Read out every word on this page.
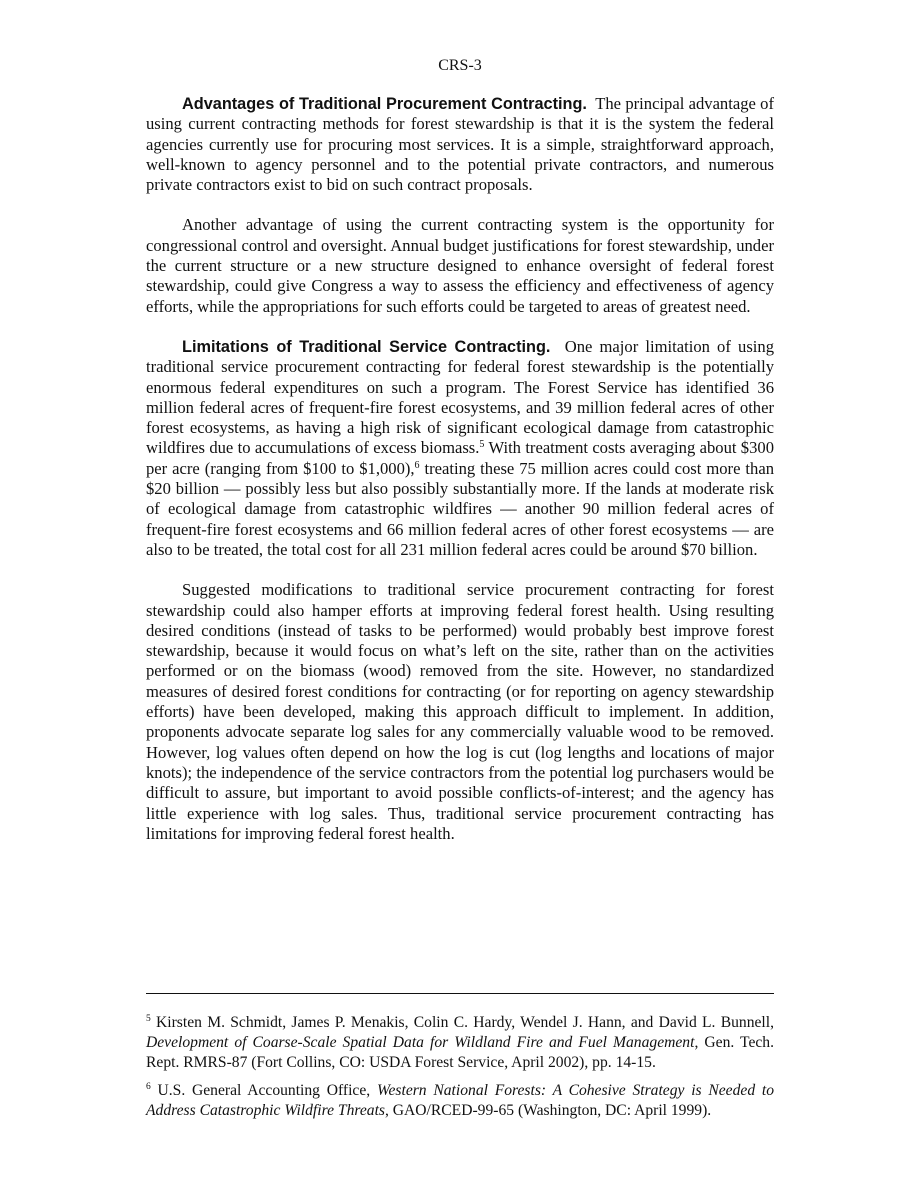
CRS-3

Advantages of Traditional Procurement Contracting. The principal advantage of using current contracting methods for forest stewardship is that it is the system the federal agencies currently use for procuring most services. It is a simple, straightforward approach, well-known to agency personnel and to the potential private contractors, and numerous private contractors exist to bid on such contract proposals.

Another advantage of using the current contracting system is the opportunity for congressional control and oversight. Annual budget justifications for forest stewardship, under the current structure or a new structure designed to enhance oversight of federal forest stewardship, could give Congress a way to assess the efficiency and effectiveness of agency efforts, while the appropriations for such efforts could be targeted to areas of greatest need.

Limitations of Traditional Service Contracting. One major limitation of using traditional service procurement contracting for federal forest stewardship is the potentially enormous federal expenditures on such a program. The Forest Service has identified 36 million federal acres of frequent-fire forest ecosystems, and 39 million federal acres of other forest ecosystems, as having a high risk of significant ecological damage from catastrophic wildfires due to accumulations of excess biomass.$^5$ With treatment costs averaging about $300 per acre (ranging from $100 to $1,000),$^6$ treating these 75 million acres could cost more than $20 billion — possibly less but also possibly substantially more. If the lands at moderate risk of ecological damage from catastrophic wildfires — another 90 million federal acres of frequent-fire forest ecosystems and 66 million federal acres of other forest ecosystems — are also to be treated, the total cost for all 231 million federal acres could be around $70 billion.

Suggested modifications to traditional service procurement contracting for forest stewardship could also hamper efforts at improving federal forest health. Using resulting desired conditions (instead of tasks to be performed) would probably best improve forest stewardship, because it would focus on what’s left on the site, rather than on the activities performed or on the biomass (wood) removed from the site. However, no standardized measures of desired forest conditions for contracting (or for reporting on agency stewardship efforts) have been developed, making this approach difficult to implement. In addition, proponents advocate separate log sales for any commercially valuable wood to be removed. However, log values often depend on how the log is cut (log lengths and locations of major knots); the independence of the service contractors from the potential log purchasers would be difficult to assure, but important to avoid possible conflicts-of-interest; and the agency has little experience with log sales. Thus, traditional service procurement contracting has limitations for improving federal forest health.

$^5$ Kirsten M. Schmidt, James P. Menakis, Colin C. Hardy, Wendel J. Hann, and David L. Bunnell, Development of Coarse-Scale Spatial Data for Wildland Fire and Fuel Management, Gen. Tech. Rept. RMRS-87 (Fort Collins, CO: USDA Forest Service, April 2002), pp. 14-15.

$^6$ U.S. General Accounting Office, Western National Forests: A Cohesive Strategy is Needed to Address Catastrophic Wildfire Threats, GAO/RCED-99-65 (Washington, DC: April 1999).
